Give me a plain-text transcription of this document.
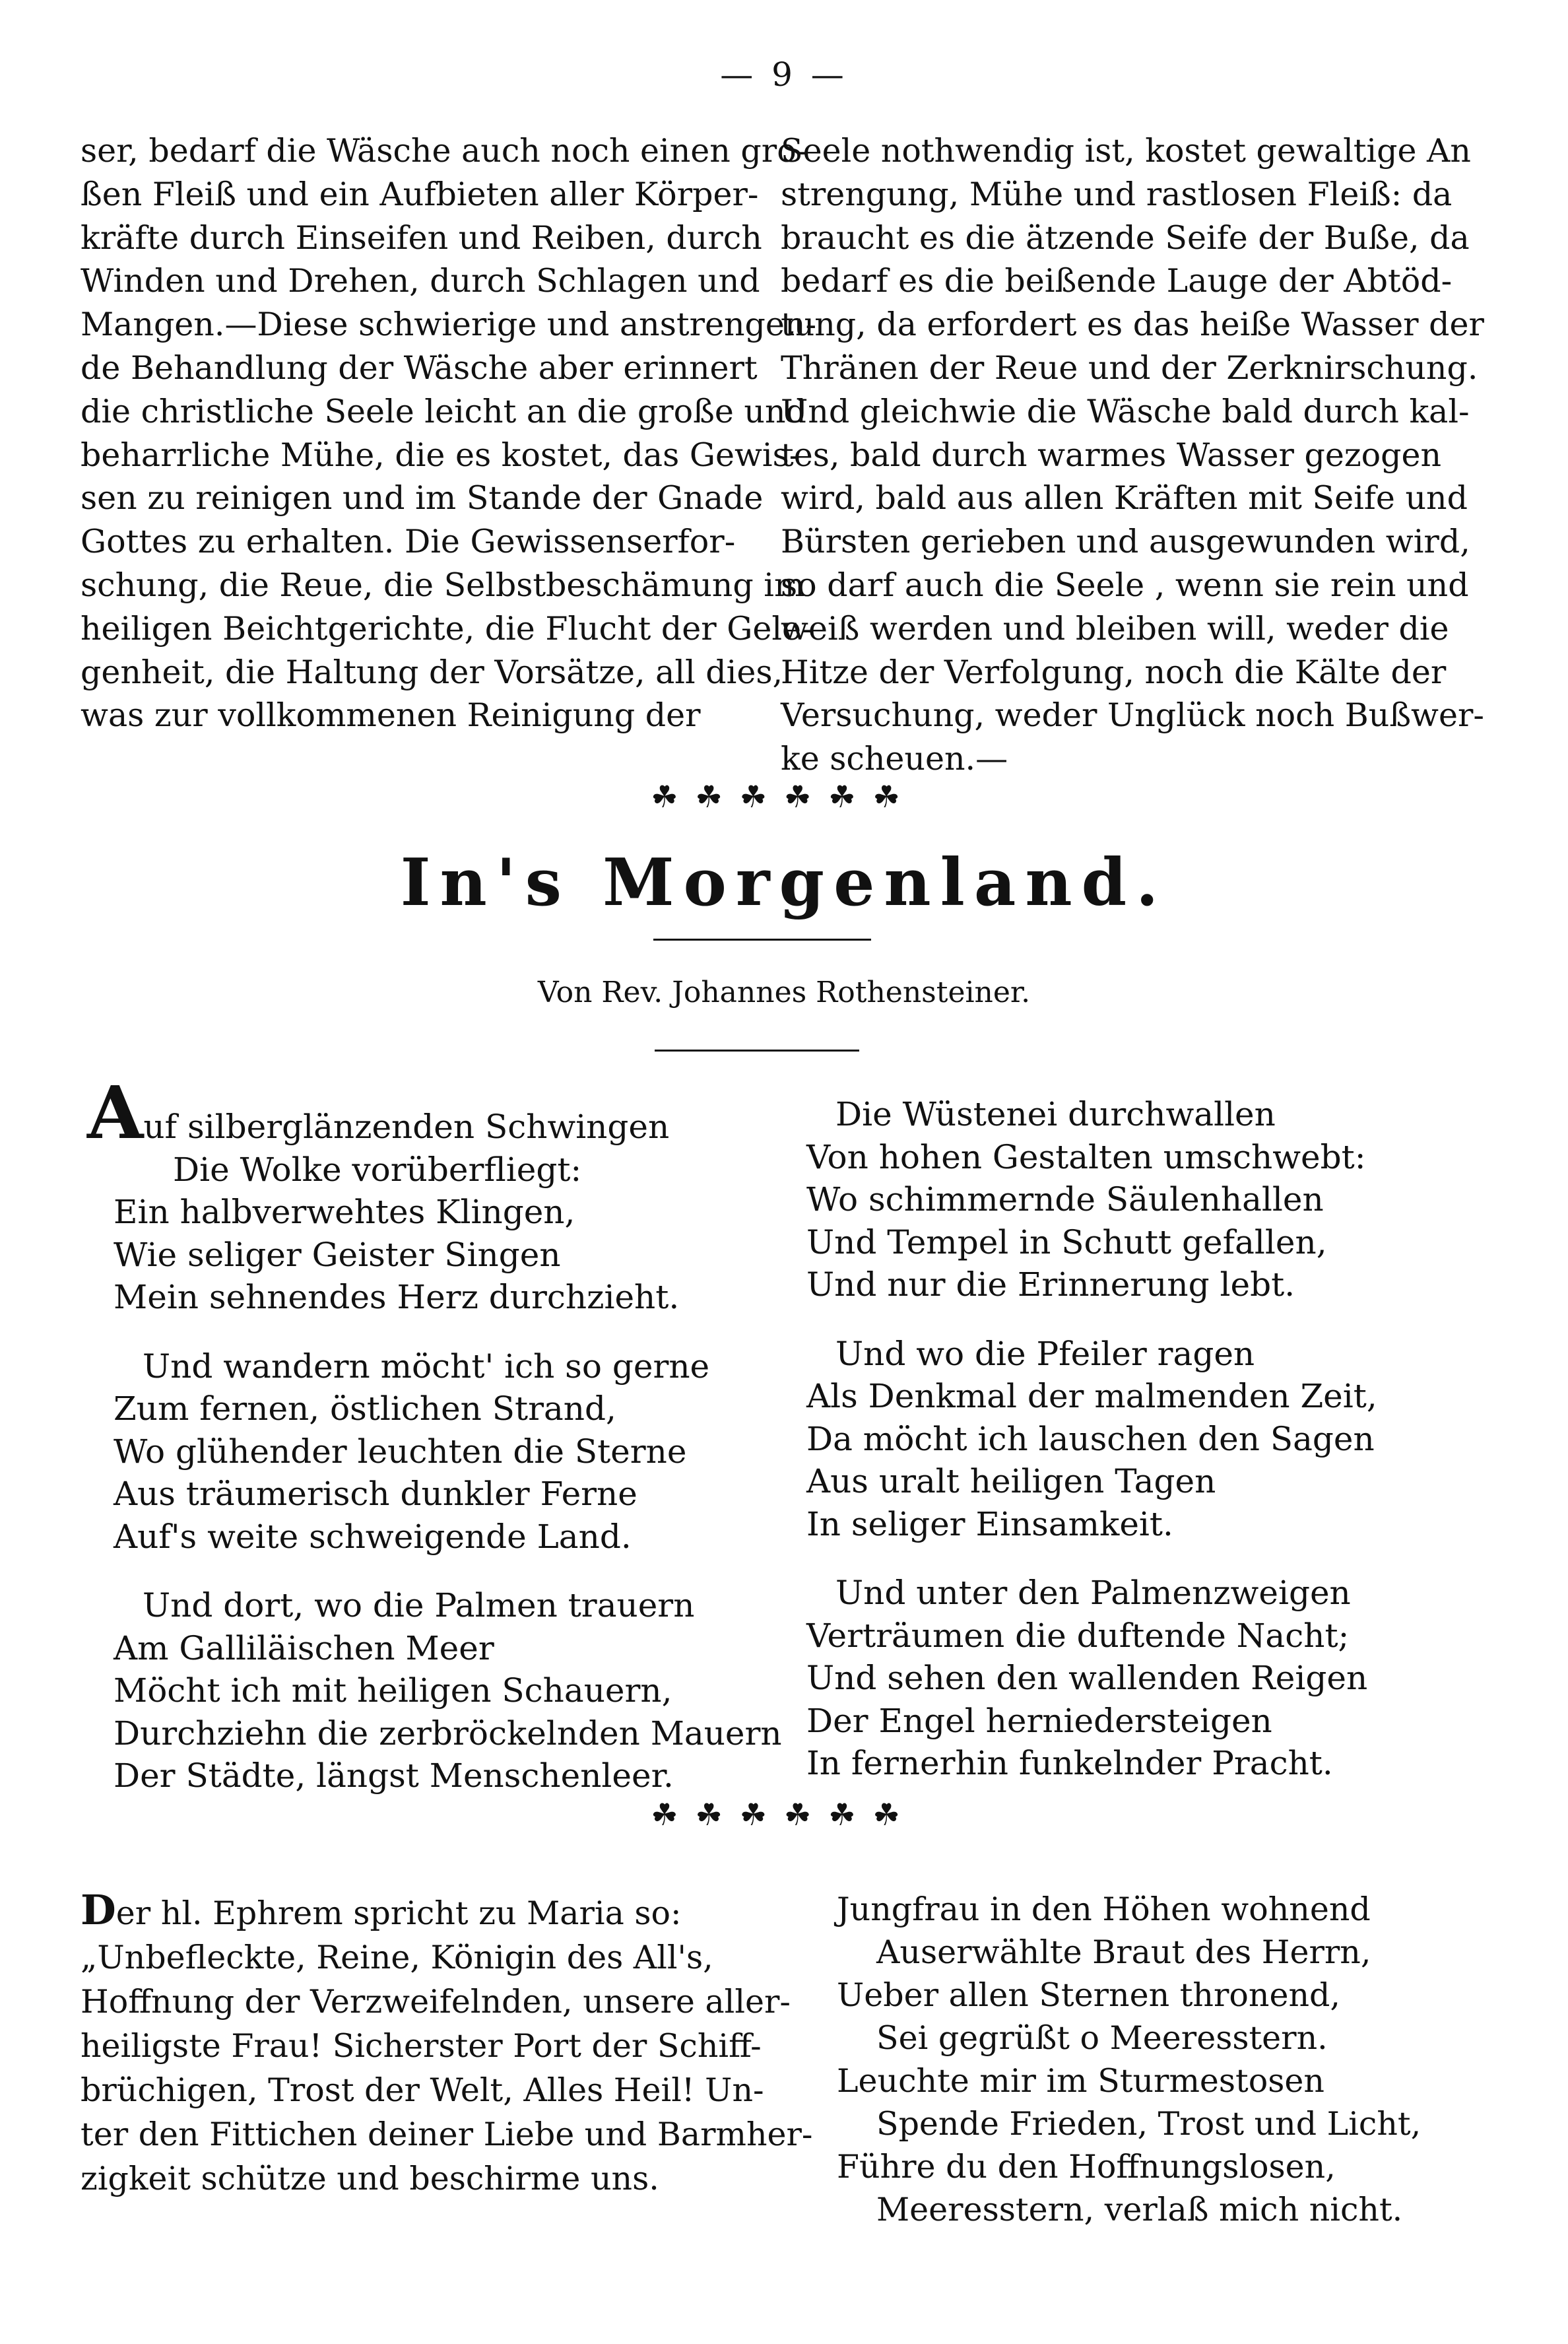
— 9 —
ser, bedarf die Wäsche auch noch einen gro-
ßen Fleiß und ein Aufbieten aller Körper-
kräfte durch Einseifen und Reiben, durch
Winden und Drehen, durch Schlagen und
Mangen.—Diese schwierige und anstrengen-
de Behandlung der Wäsche aber erinnert
die christliche Seele leicht an die große und
beharrliche Mühe, die es kostet, das Gewis-
sen zu reinigen und im Stande der Gnade
Gottes zu erhalten. Die Gewissenserfor-
schung, die Reue, die Selbstbeschämung im
heiligen Beichtgerichte, die Flucht der Gele-
genheit, die Haltung der Vorsätze, all dies,
was zur vollkommenen Reinigung der
Seele nothwendig ist, kostet gewaltige An
strengung, Mühe und rastlosen Fleiß: da
braucht es die ätzende Seife der Buße, da
bedarf es die beißende Lauge der Abtöd-
tung, da erfordert es das heiße Wasser der
Thränen der Reue und der Zerknirschung.
Und gleichwie die Wäsche bald durch kal-
tes, bald durch warmes Wasser gezogen
wird, bald aus allen Kräften mit Seife und
Bürsten gerieben und ausgewunden wird,
so darf auch die Seele , wenn sie rein und
weiß werden und bleiben will, weder die
Hitze der Verfolgung, noch die Kälte der
Versuchung, weder Unglück noch Bußwer-
ke scheuen.—
☘☘☘☘☘☘
In's Morgenland.
Von Rev. Johannes Rothensteiner.
Auf silberglänzenden Schwingen
Die Wolke vorüberfliegt:
Ein halbverwehtes Klingen,
Wie seliger Geister Singen
Mein sehnendes Herz durchzieht.
Und wandern möcht' ich so gerne
Zum fernen, östlichen Strand,
Wo glühender leuchten die Sterne
Aus träumerisch dunkler Ferne
Auf's weite schweigende Land.
Und dort, wo die Palmen trauern
Am Galliläischen Meer
Möcht ich mit heiligen Schauern,
Durchziehn die zerbröckelnden Mauern
Der Städte, längst Menschenleer.
Die Wüstenei durchwallen
Von hohen Gestalten umschwebt:
Wo schimmernde Säulenhallen
Und Tempel in Schutt gefallen,
Und nur die Erinnerung lebt.
Und wo die Pfeiler ragen
Als Denkmal der malmenden Zeit,
Da möcht ich lauschen den Sagen
Aus uralt heiligen Tagen
In seliger Einsamkeit.
Und unter den Palmenzweigen
Verträumen die duftende Nacht;
Und sehen den wallenden Reigen
Der Engel herniedersteigen
In fernerhin funkelnder Pracht.
☘☘☘☘☘☘
Der hl. Ephrem spricht zu Maria so:
„Unbefleckte, Reine, Königin des All's,
Hoffnung der Verzweifelnden, unsere aller-
heiligste Frau! Sicherster Port der Schiff-
brüchigen, Trost der Welt, Alles Heil! Un-
ter den Fittichen deiner Liebe und Barmher-
zigkeit schütze und beschirme uns.
Jungfrau in den Höhen wohnend
Auserwählte Braut des Herrn,
Ueber allen Sternen thronend,
Sei gegrüßt o Meeresstern.
Leuchte mir im Sturmestosen
Spende Frieden, Trost und Licht,
Führe du den Hoffnungslosen,
Meeresstern, verlaß mich nicht.
